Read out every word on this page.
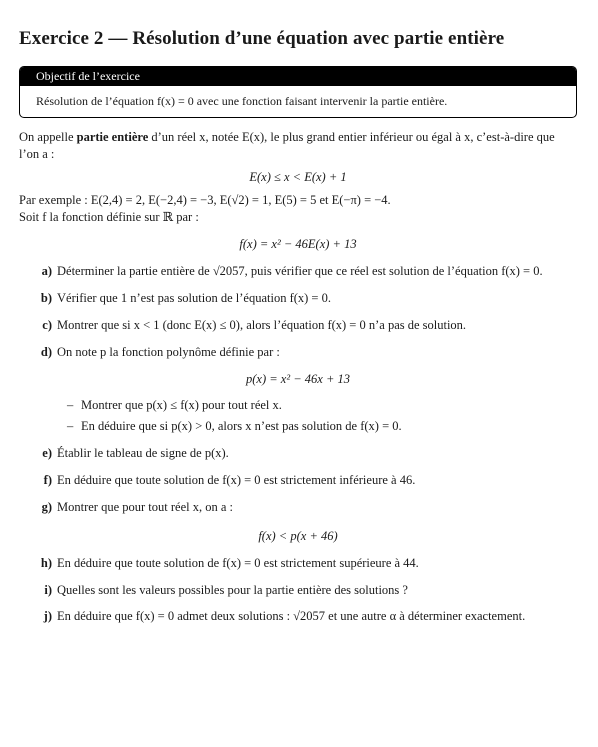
Exercice 2 — Résolution d’une équation avec partie entière
Objectif de l’exercice
Résolution de l’équation f(x) = 0 avec une fonction faisant intervenir la partie entière.

On appelle partie entière d’un réel x, notée E(x), le plus grand entier inférieur ou égal à x, c’est-à-dire que l’on a :

E(x) ≤ x < E(x) + 1

Par exemple : E(2,4) = 2, E(−2,4) = −3, E(√2) = 1, E(5) = 5 et E(−π) = −4.

Soit f la fonction définie sur ℝ par :

f(x) = x² − 46E(x) + 13

a) Déterminer la partie entière de √2057, puis vérifier que ce réel est solution de l’équation f(x) = 0.
b) Vérifier que 1 n’est pas solution de l’équation f(x) = 0.
c) Montrer que si x < 1 (donc E(x) ≤ 0), alors l’équation f(x) = 0 n’a pas de solution.
d) On note p la fonction polynôme définie par :

p(x) = x² − 46x + 13

– Montrer que p(x) ≤ f(x) pour tout réel x.
– En déduire que si p(x) > 0, alors x n’est pas solution de f(x) = 0.
e) Établir le tableau de signe de p(x).
f) En déduire que toute solution de f(x) = 0 est strictement inférieure à 46.
g) Montrer que pour tout réel x, on a :

f(x) < p(x + 46)

h) En déduire que toute solution de f(x) = 0 est strictement supérieure à 44.
i) Quelles sont les valeurs possibles pour la partie entière des solutions ?
j) En déduire que f(x) = 0 admet deux solutions : √2057 et une autre α à déterminer exactement.
